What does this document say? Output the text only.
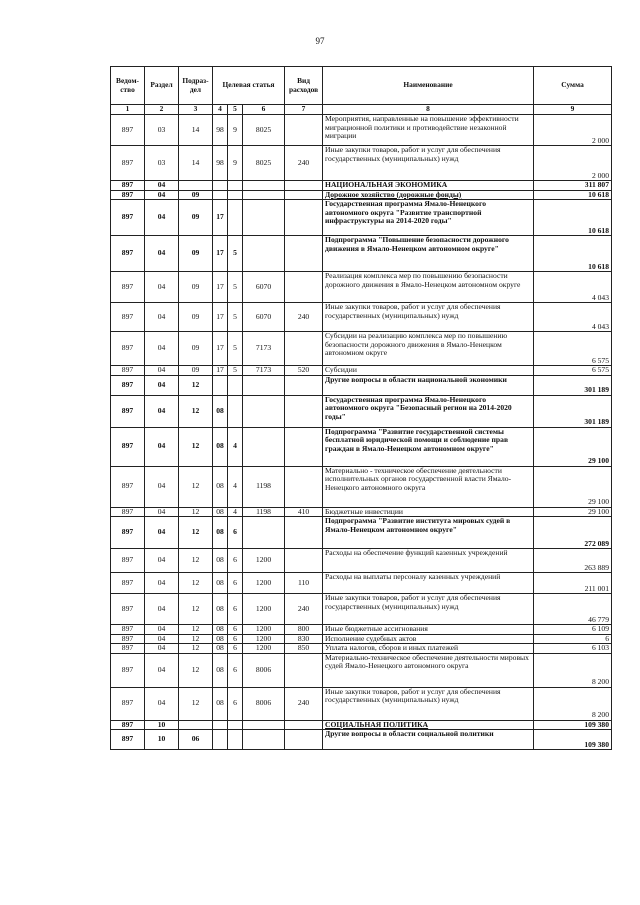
97
Ведом-ство	Раздел	Подраз-дел	Целевая статья			Вид расходов	Наименование	Сумма
1	2	3	4	5	6	7	8	9
897	03	14	98	9	8025		Мероприятия, направленные на повышение эффективности миграционной политики и противодействие незаконной миграции	2 000
897	03	14	98	9	8025	240	Иные закупки товаров, работ и услуг для обеспечения государственных (муниципальных) нужд	2 000
897	04						НАЦИОНАЛЬНАЯ ЭКОНОМИКА	311 807
897	04	09					Дорожное хозяйство (дорожные фонды)	10 618
897	04	09	17				Государственная программа Ямало-Ненецкого автономного округа "Развитие транспортной инфраструктуры на 2014-2020 годы"	10 618
897	04	09	17	5			Подпрограмма "Повышение безопасности дорожного движения в Ямало-Ненецком автономном округе"	10 618
897	04	09	17	5	6070		Реализация комплекса мер по повышению безопасности дорожного движения в Ямало-Ненецком автономном округе	4 043
897	04	09	17	5	6070	240	Иные закупки товаров, работ и услуг для обеспечения государственных (муниципальных) нужд	4 043
897	04	09	17	5	7173		Субсидии на реализацию комплекса мер по повышению безопасности дорожного движения в Ямало-Ненецком автономном округе	6 575
897	04	09	17	5	7173	520	Субсидии	6 575
897	04	12					Другие вопросы в области национальной экономики	301 189
897	04	12	08				Государственная программа Ямало-Ненецкого автономного округа "Безопасный регион на 2014-2020 годы"	301 189
897	04	12	08	4			Подпрограмма "Развитие государственной системы бесплатной юридической помощи и соблюдение прав граждан в Ямало-Ненецком автономном округе"	29 100
897	04	12	08	4	1198		Материально - техническое обеспечение деятельности исполнительных органов государственной власти Ямало-Ненецкого автономного округа	29 100
897	04	12	08	4	1198	410	Бюджетные инвестиции	29 100
897	04	12	08	6			Подпрограмма "Развитие института мировых судей в Ямало-Ненецком автономном округе"	272 089
897	04	12	08	6	1200		Расходы на обеспечение функций казенных учреждений	263 889
897	04	12	08	6	1200	110	Расходы на выплаты персоналу казенных учреждений	211 001
897	04	12	08	6	1200	240	Иные закупки товаров, работ и услуг для обеспечения государственных (муниципальных) нужд	46 779
897	04	12	08	6	1200	800	Иные бюджетные ассигнования	6 109
897	04	12	08	6	1200	830	Исполнение судебных актов	6
897	04	12	08	6	1200	850	Уплата налогов, сборов и иных платежей	6 103
897	04	12	08	6	8006		Материально-техническое обеспечение деятельности мировых судей Ямало-Ненецкого автономного округа	8 200
897	04	12	08	6	8006	240	Иные закупки товаров, работ и услуг для обеспечения государственных (муниципальных) нужд	8 200
897	10						СОЦИАЛЬНАЯ ПОЛИТИКА	109 380
897	10	06					Другие вопросы в области социальной политики	109 380
